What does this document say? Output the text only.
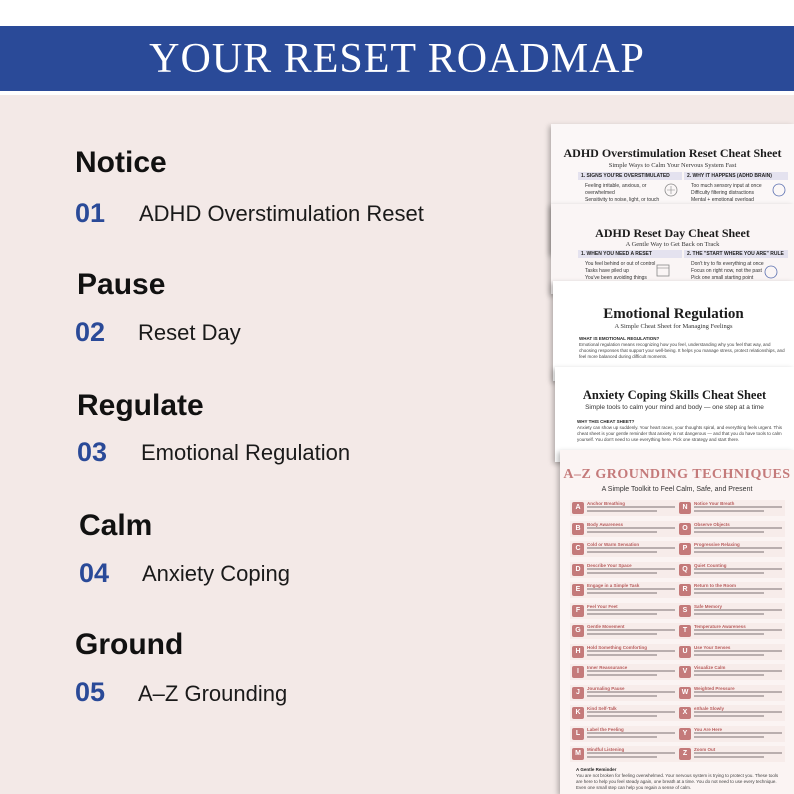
YOUR RESET ROADMAP
Notice
01 ADHD Overstimulation Reset
Pause
02 Reset Day
Regulate
03 Emotional Regulation
Calm
04 Anxiety Coping
Ground
05 A–Z Grounding
ADHD Overstimulation Reset Cheat Sheet
Simple Ways to Calm Your Nervous System Fast
1. SIGNS YOU'RE OVERSTIMULATED	2. WHY IT HAPPENS (ADHD BRAIN)
Feeling irritable, anxious, or
overwhelmed
Sensitivity to noise, light, or touch
Too much sensory input at once
Difficulty filtering distractions
Mental + emotional overload
ADHD Reset Day Cheat Sheet
A Gentle Way to Get Back on Track
1. WHEN YOU NEED A RESET	2. THE "START WHERE YOU ARE" RULE
You feel behind or out of control
Tasks have piled up
You've been avoiding things
Don't try to fix everything at once
Focus on right now, not the past
Pick one small starting point
Emotional Regulation
A Simple Cheat Sheet for Managing Feelings
WHAT IS EMOTIONAL REGULATION?
Emotional regulation means recognizing how you feel, understanding why you feel that way, and choosing responses that support your well-being. It helps you manage stress, protect relationships, and feel more balanced during difficult moments.
Anxiety Coping Skills Cheat Sheet
Simple tools to calm your mind and body — one step at a time
WHY THIS CHEAT SHEET?
Anxiety can show up suddenly. Your heart races, your thoughts spiral, and everything feels urgent. This cheat sheet is your gentle reminder that anxiety is not dangerous — and that you do have tools to calm yourself. You don't need to use everything here. Pick one strategy and start there.
A–Z GROUNDING TECHNIQUES
A Simple Toolkit to Feel Calm, Safe, and Present
A Gentle Reminder
You are not broken for feeling overwhelmed. Your nervous system is trying to protect you. These tools are here to help you feel steady again, one breath at a time. You do not need to use every technique. Even one small step can help you regain a sense of calm.
A
Anchor Breathing
B
Body Awareness
C
Cold or Warm Sensation
D
Describe Your Space
E
Engage in a Simple Task
F
Feel Your Feet
G
Gentle Movement
H
Hold Something Comforting
I
Inner Reassurance
J
Journaling Pause
K
Kind Self-Talk
L
Label the Feeling
M
Mindful Listening
N
Notice Your Breath
O
Observe Objects
P
Progressive Relaxing
Q
Quiet Counting
R
Return to the Room
S
Safe Memory
T
Temperature Awareness
U
Use Your Senses
V
Visualize Calm
W
Weighted Pressure
X
eXhale Slowly
Y
You Are Here
Z
Zoom Out
